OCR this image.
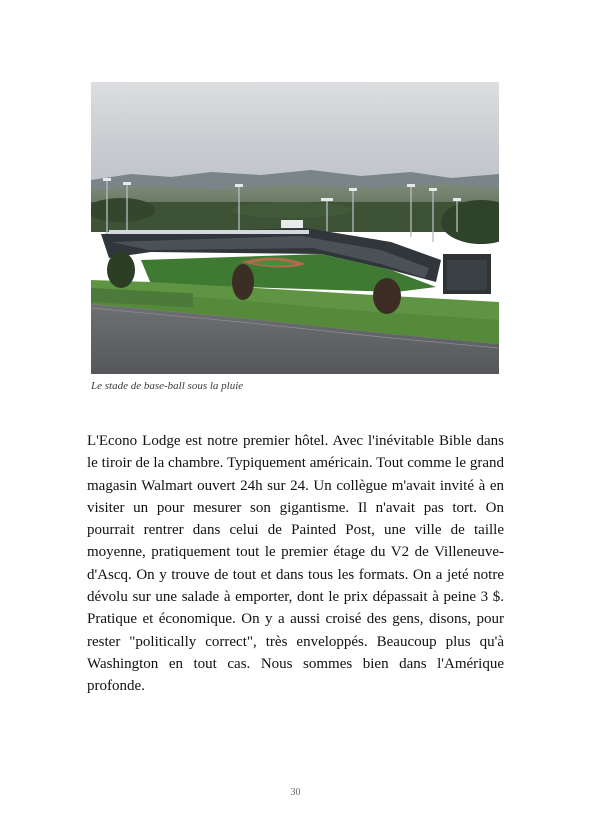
Le stade de base-ball sous la pluie

L'Econo Lodge est notre premier hôtel. Avec l'inévitable Bible dans le tiroir de la chambre. Typiquement américain. Tout comme le grand magasin Walmart ouvert 24h sur 24. Un collègue m'avait invité à en visiter un pour mesurer son gigantisme. Il n'avait pas tort. On pourrait rentrer dans celui de Painted Post, une ville de taille moyenne, pratiquement tout le premier étage du V2 de Villeneuve-d'Ascq. On y trouve de tout et dans tous les formats. On a jeté notre dévolu sur une salade à emporter, dont le prix dépassait à peine 3 $. Pratique et économique. On y a aussi croisé des gens, disons, pour rester "politically correct", très enveloppés. Beaucoup plus qu'à Washington en tout cas. Nous sommes bien dans l'Amérique profonde.

30
